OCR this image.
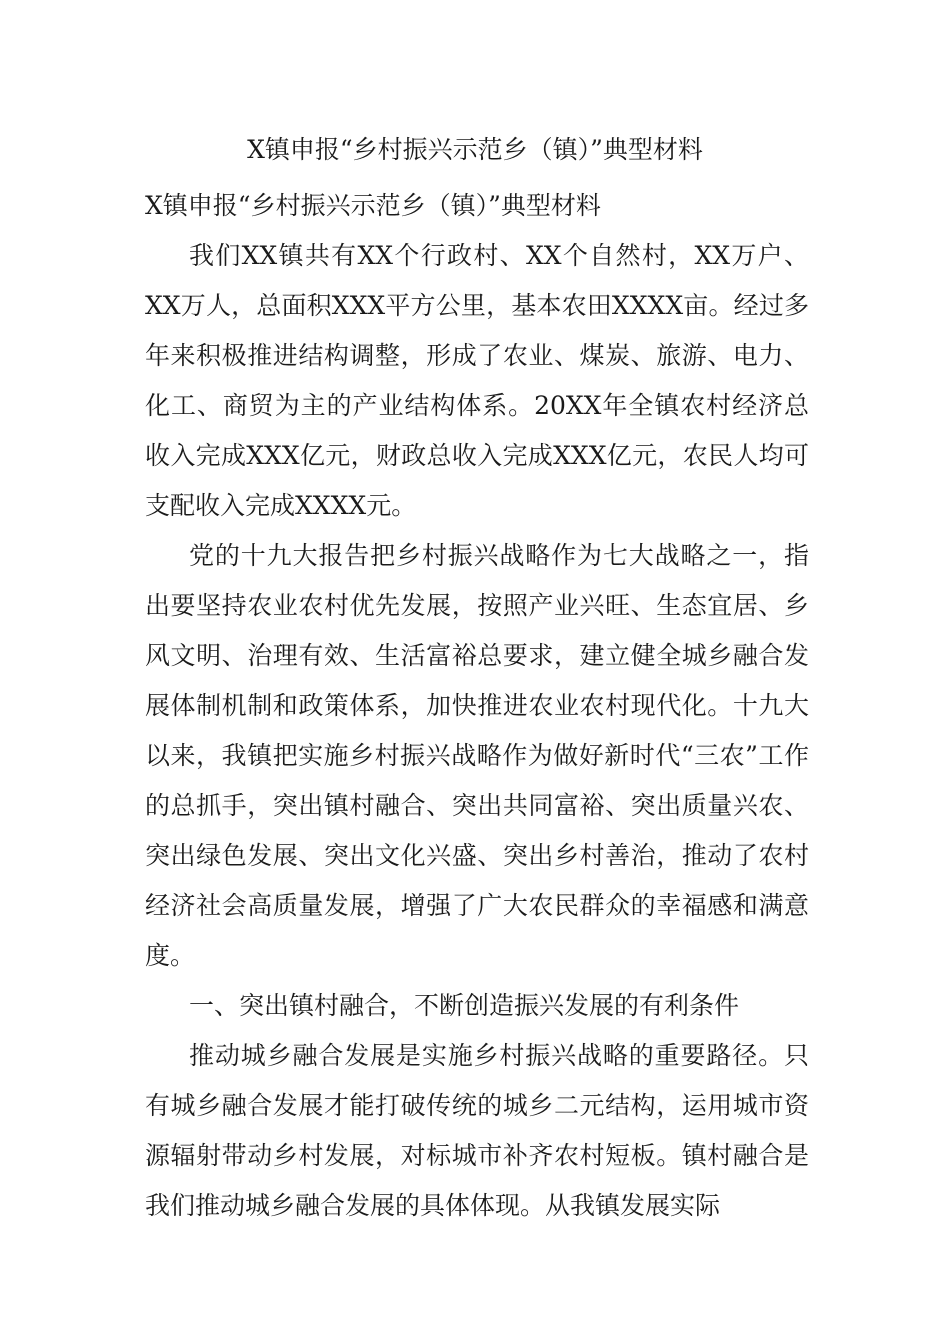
X镇申报“乡村振兴示范乡（镇）”典型材料

X镇申报“乡村振兴示范乡（镇）”典型材料

我们XX镇共有XX个行政村、XX个自然村，XX万户、XX万人，总面积XXX平方公里，基本农田XXXX亩。经过多年来积极推进结构调整，形成了农业、煤炭、旅游、电力、化工、商贸为主的产业结构体系。20XX年全镇农村经济总收入完成XXX亿元，财政总收入完成XXX亿元，农民人均可支配收入完成XXXX元。

党的十九大报告把乡村振兴战略作为七大战略之一，指出要坚持农业农村优先发展，按照产业兴旺、生态宜居、乡风文明、治理有效、生活富裕总要求，建立健全城乡融合发展体制机制和政策体系，加快推进农业农村现代化。十九大以来，我镇把实施乡村振兴战略作为做好新时代“三农”工作的总抓手，突出镇村融合、突出共同富裕、突出质量兴农、突出绿色发展、突出文化兴盛、突出乡村善治，推动了农村经济社会高质量发展，增强了广大农民群众的幸福感和满意度。

一、突出镇村融合，不断创造振兴发展的有利条件

推动城乡融合发展是实施乡村振兴战略的重要路径。只有城乡融合发展才能打破传统的城乡二元结构，运用城市资源辐射带动乡村发展，对标城市补齐农村短板。镇村融合是我们推动城乡融合发展的具体体现。从我镇发展实际
